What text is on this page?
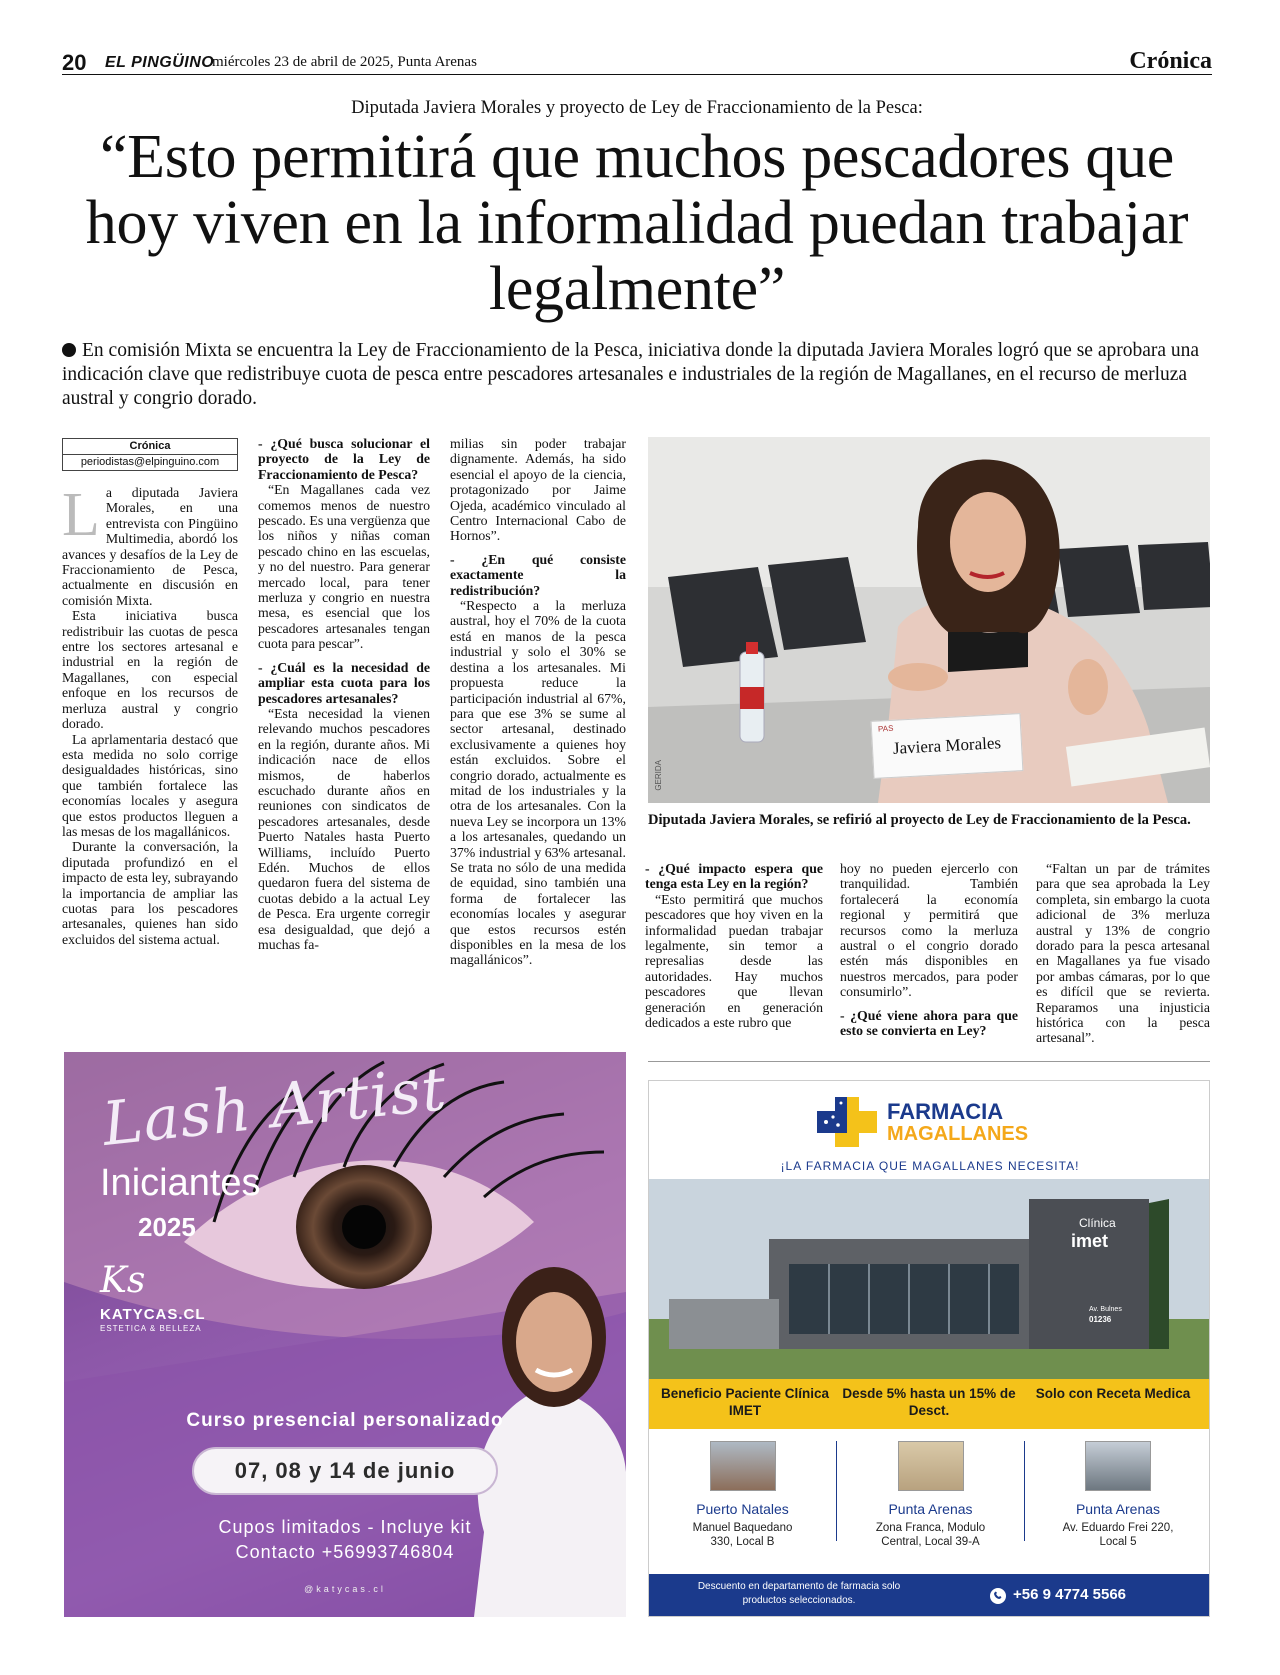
20 EL PINGÜINO
miércoles 23 de abril de 2025, Punta Arenas	Crónica
Diputada Javiera Morales y proyecto de Ley de Fraccionamiento de la Pesca:
“Esto permitirá que muchos pescadores que hoy viven en la informalidad puedan trabajar legalmente”
En comisión Mixta se encuentra la Ley de Fraccionamiento de la Pesca, iniciativa donde la diputada Javiera Morales logró que se aprobara una indicación clave que redistribuye cuota de pesca entre pescadores artesanales e industriales de la región de Magallanes, en el recurso de merluza austral y congrio dorado.
Crónica
periodistas@elpinguino.com

La diputada Javiera Morales, en una entrevista con Pingüino Multimedia, abordó los avances y desafíos de la Ley de Fraccionamiento de Pesca, actualmente en discusión en comisión Mixta.

Esta iniciativa busca redistribuir las cuotas de pesca entre los sectores artesanal e industrial en la región de Magallanes, con especial enfoque en los recursos de merluza austral y congrio dorado.

La aprlamentaria destacó que esta medida no solo corrige desigualdades históricas, sino que también fortalece las economías locales y asegura que estos productos lleguen a las mesas de los magallánicos.

Durante la conversación, la diputada profundizó en el impacto de esta ley, subrayando la importancia de ampliar las cuotas para los pescadores artesanales, quienes han sido excluidos del sistema actual.

- ¿Qué busca solucionar el proyecto de la Ley de Fraccionamiento de Pesca?

“En Magallanes cada vez comemos menos de nuestro pescado. Es una vergüenza que los niños y niñas coman pescado chino en las escuelas, y no del nuestro. Para generar mercado local, para tener merluza y congrio en nuestra mesa, es esencial que los pescadores artesanales tengan cuota para pescar”.

- ¿Cuál es la necesidad de ampliar esta cuota para los pescadores artesanales?

“Esta necesidad la vienen relevando muchos pescadores en la región, durante años. Mi indicación nace de ellos mismos, de haberlos escuchado durante años en reuniones con sindicatos de pescadores artesanales, desde Puerto Natales hasta Puerto Williams, incluído Puerto Edén. Muchos de ellos quedaron fuera del sistema de cuotas debido a la actual Ley de Pesca. Era urgente corregir esa desigualdad, que dejó a muchas fa-

milias sin poder trabajar dignamente. Además, ha sido esencial el apoyo de la ciencia, protagonizado por Jaime Ojeda, académico vinculado al Centro Internacional Cabo de Hornos”.

- ¿En qué consiste exactamente la redistribución?

“Respecto a la merluza austral, hoy el 70% de la cuota está en manos de la pesca industrial y solo el 30% se destina a los artesanales. Mi propuesta reduce la participación industrial al 67%, para que ese 3% se sume al sector artesanal, destinado exclusivamente a quienes hoy están excluidos. Sobre el congrio dorado, actualmente es mitad de los industriales y la otra de los artesanales. Con la nueva Ley se incorpora un 13% a los artesanales, quedando un 37% industrial y 63% artesanal. Se trata no sólo de una medida de equidad, sino también una forma de fortalecer las economías locales y asegurar que estos recursos estén disponibles en la mesa de los magallánicos”.

PAS
Javiera Morales
GERIDA
Diputada Javiera Morales, se refirió al proyecto de Ley de Fraccionamiento de la Pesca.

- ¿Qué impacto espera que tenga esta Ley en la región?

“Esto permitirá que muchos pescadores que hoy viven en la informalidad puedan trabajar legalmente, sin temor a represalias desde las autoridades. Hay muchos pescadores que llevan generación en generación dedicados a este rubro que

hoy no pueden ejercerlo con tranquilidad. También fortalecerá la economía regional y permitirá que recursos como la merluza austral o el congrio dorado estén más disponibles en nuestros mercados, para poder consumirlo”.

- ¿Qué viene ahora para que esto se convierta en Ley?

“Faltan un par de trámites para que sea aprobada la Ley completa, sin embargo la cuota adicional de 3% merluza austral y 13% de congrio dorado para la pesca artesanal en Magallanes ya fue visado por ambas cámaras, por lo que es difícil que se revierta. Reparamos una injusticia histórica con la pesca artesanal”.

Lash Artist
Iniciantes
2025
Ks
KATYCAS.CL
ESTETICA & BELLEZA
Curso presencial personalizado
07, 08 y 14 de junio
Cupos limitados - Incluye kit
Contacto +56993746804
@katycas.cl
FARMACIA
MAGALLANES
¡LA FARMACIA QUE MAGALLANES NECESITA!
Clínica
imet
Av. Bulnes
01236
Beneficio Paciente Clínica IMET
Desde 5% hasta un 15% de Desct.
Solo con Receta Medica
Puerto Natales
Manuel Baquedano 330, Local B
Punta Arenas
Zona Franca, Modulo Central, Local 39-A
Punta Arenas
Av. Eduardo Frei 220, Local 5
Descuento en departamento de farmacia solo productos seleccionados.	+56 9 4774 5566
